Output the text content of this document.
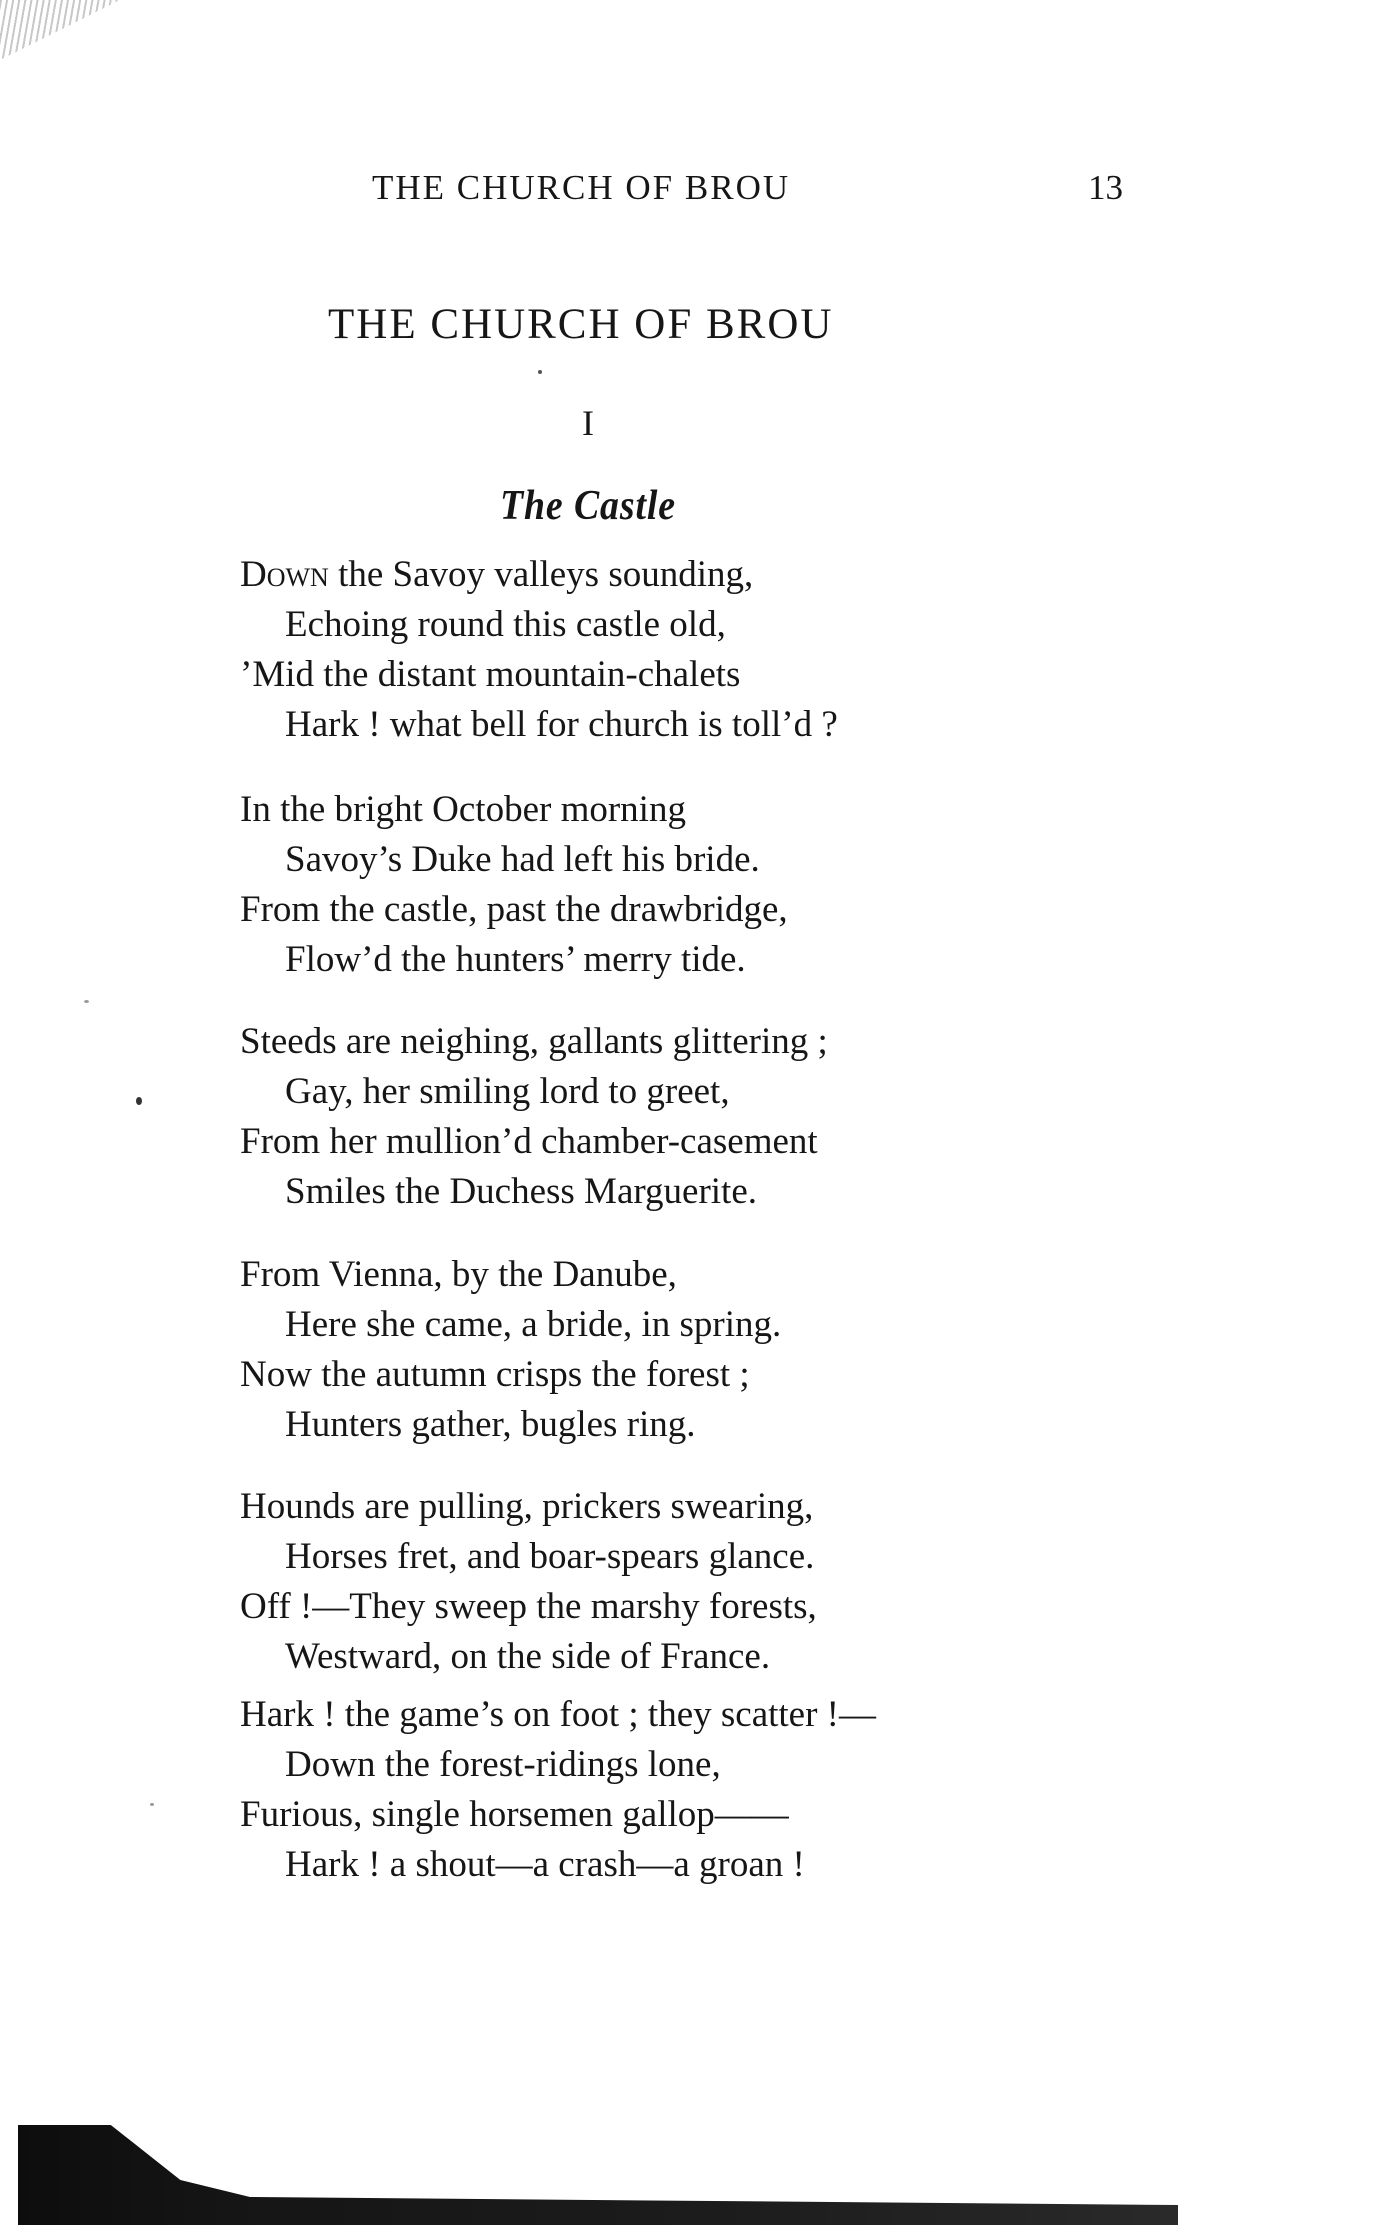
THE CHURCH OF BROU	13
THE CHURCH OF BROU
I
The Castle
Down the Savoy valleys sounding,
Echoing round this castle old,
’Mid the distant mountain-chalets
Hark ! what bell for church is toll’d ?
In the bright October morning
Savoy’s Duke had left his bride.
From the castle, past the drawbridge,
Flow’d the hunters’ merry tide.
Steeds are neighing, gallants glittering ;
Gay, her smiling lord to greet,
From her mullion’d chamber-casement
Smiles the Duchess Marguerite.
From Vienna, by the Danube,
Here she came, a bride, in spring.
Now the autumn crisps the forest ;
Hunters gather, bugles ring.
Hounds are pulling, prickers swearing,
Horses fret, and boar-spears glance.
Off !—They sweep the marshy forests,
Westward, on the side of France.
Hark ! the game’s on foot ; they scatter !—
Down the forest-ridings lone,
Furious, single horsemen gallop——
Hark ! a shout—a crash—a groan !
